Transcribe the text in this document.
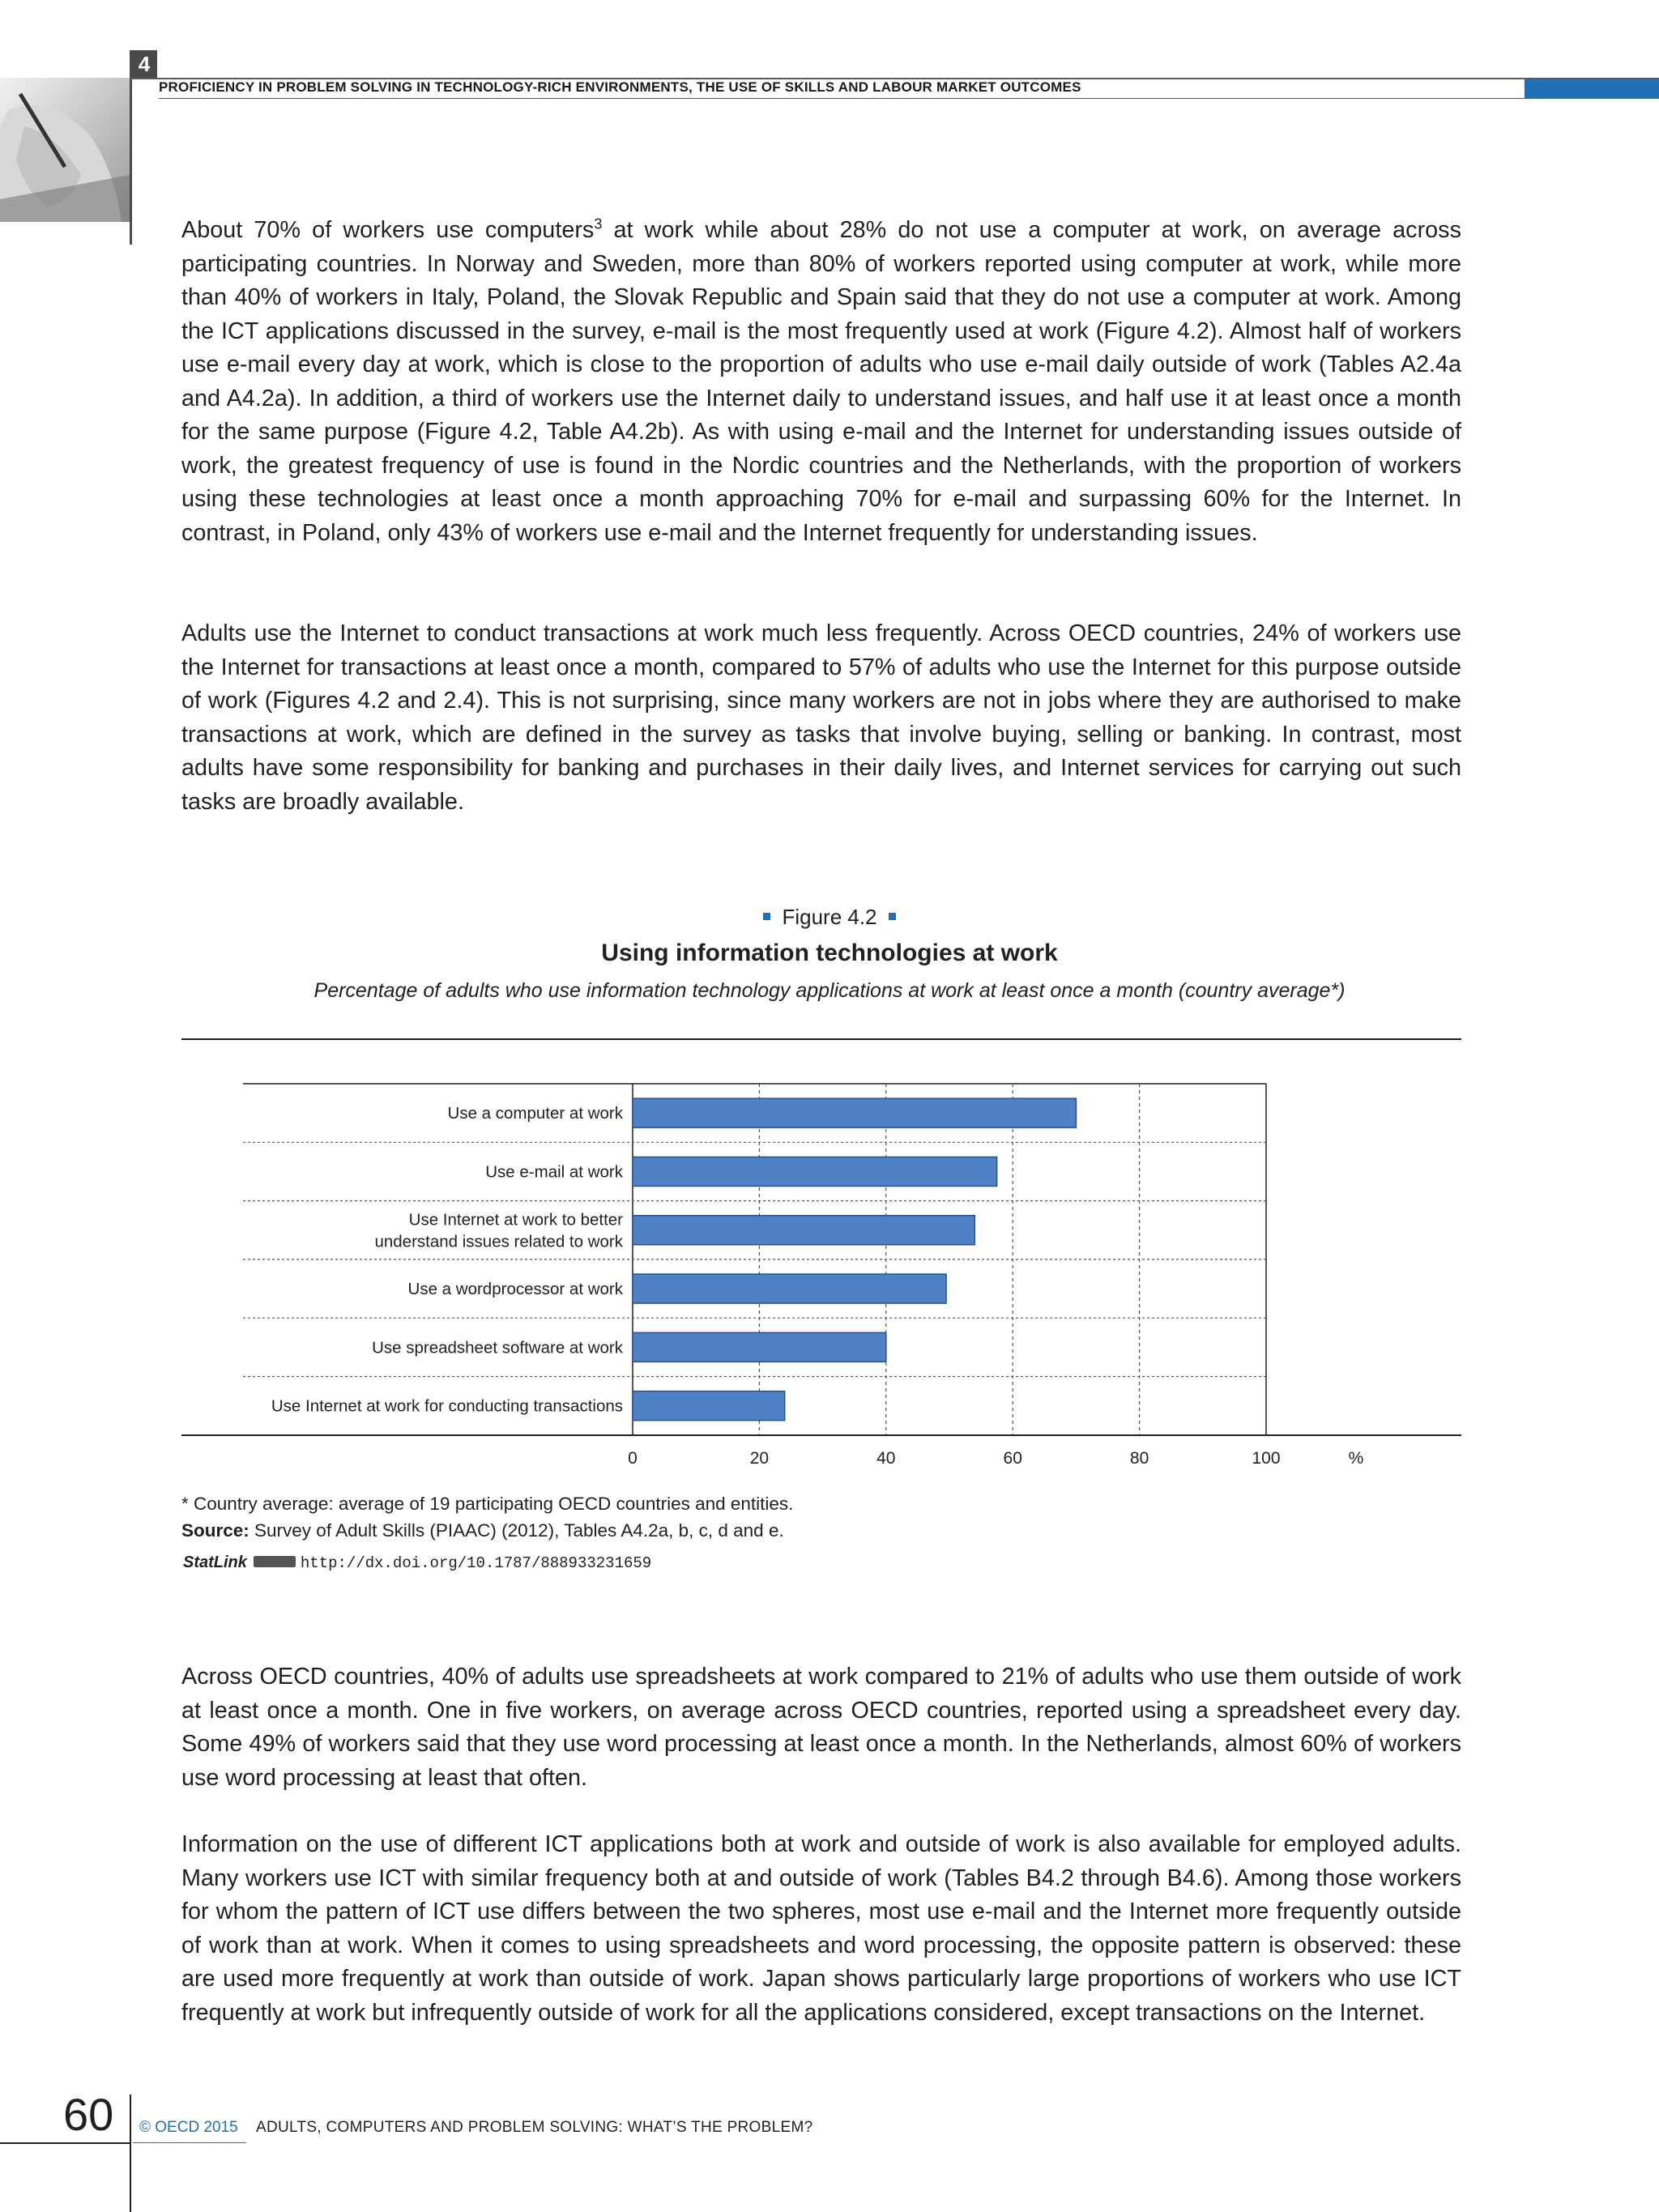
4
PROFICIENCY IN PROBLEM SOLVING IN TECHNOLOGY-RICH ENVIRONMENTS, THE USE OF SKILLS AND LABOUR MARKET OUTCOMES
About 70% of workers use computers$^3$ at work while about 28% do not use a computer at work, on average across participating countries. In Norway and Sweden, more than 80% of workers reported using computer at work, while more than 40% of workers in Italy, Poland, the Slovak Republic and Spain said that they do not use a computer at work. Among the ICT applications discussed in the survey, e-mail is the most frequently used at work (Figure 4.2). Almost half of workers use e-mail every day at work, which is close to the proportion of adults who use e-mail daily outside of work (Tables A2.4a and A4.2a). In addition, a third of workers use the Internet daily to understand issues, and half use it at least once a month for the same purpose (Figure 4.2, Table A4.2b). As with using e-mail and the Internet for understanding issues outside of work, the greatest frequency of use is found in the Nordic countries and the Netherlands, with the proportion of workers using these technologies at least once a month approaching 70% for e-mail and surpassing 60% for the Internet. In contrast, in Poland, only 43% of workers use e-mail and the Internet frequently for understanding issues.
Adults use the Internet to conduct transactions at work much less frequently. Across OECD countries, 24% of workers use the Internet for transactions at least once a month, compared to 57% of adults who use the Internet for this purpose outside of work (Figures 4.2 and 2.4). This is not surprising, since many workers are not in jobs where they are authorised to make transactions at work, which are defined in the survey as tasks that involve buying, selling or banking. In contrast, most adults have some responsibility for banking and purchases in their daily lives, and Internet services for carrying out such tasks are broadly available.
Figure 4.2
Using information technologies at work
Percentage of adults who use information technology applications at work at least once a month (country average*)
Use a computer at work
Use e-mail at work
Use Internet at work to better
understand issues related to work
Use a wordprocessor at work
Use spreadsheet software at work
Use Internet at work for conducting transactions
0	20	40	60	80	100	%
* Country average: average of 19 participating OECD countries and entities.
Source: Survey of Adult Skills (PIAAC) (2012), Tables A4.2a, b, c, d and e.
StatLink	http://dx.doi.org/10.1787/888933231659
Across OECD countries, 40% of adults use spreadsheets at work compared to 21% of adults who use them outside of work at least once a month. One in five workers, on average across OECD countries, reported using a spreadsheet every day. Some 49% of workers said that they use word processing at least once a month. In the Netherlands, almost 60% of workers use word processing at least that often.
Information on the use of different ICT applications both at work and outside of work is also available for employed adults. Many workers use ICT with similar frequency both at and outside of work (Tables B4.2 through B4.6). Among those workers for whom the pattern of ICT use differs between the two spheres, most use e-mail and the Internet more frequently outside of work than at work. When it comes to using spreadsheets and word processing, the opposite pattern is observed: these are used more frequently at work than outside of work. Japan shows particularly large proportions of workers who use ICT frequently at work but infrequently outside of work for all the applications considered, except transactions on the Internet.
60 © OECD 2015 ADULTS, COMPUTERS AND PROBLEM SOLVING: WHAT’S THE PROBLEM?
